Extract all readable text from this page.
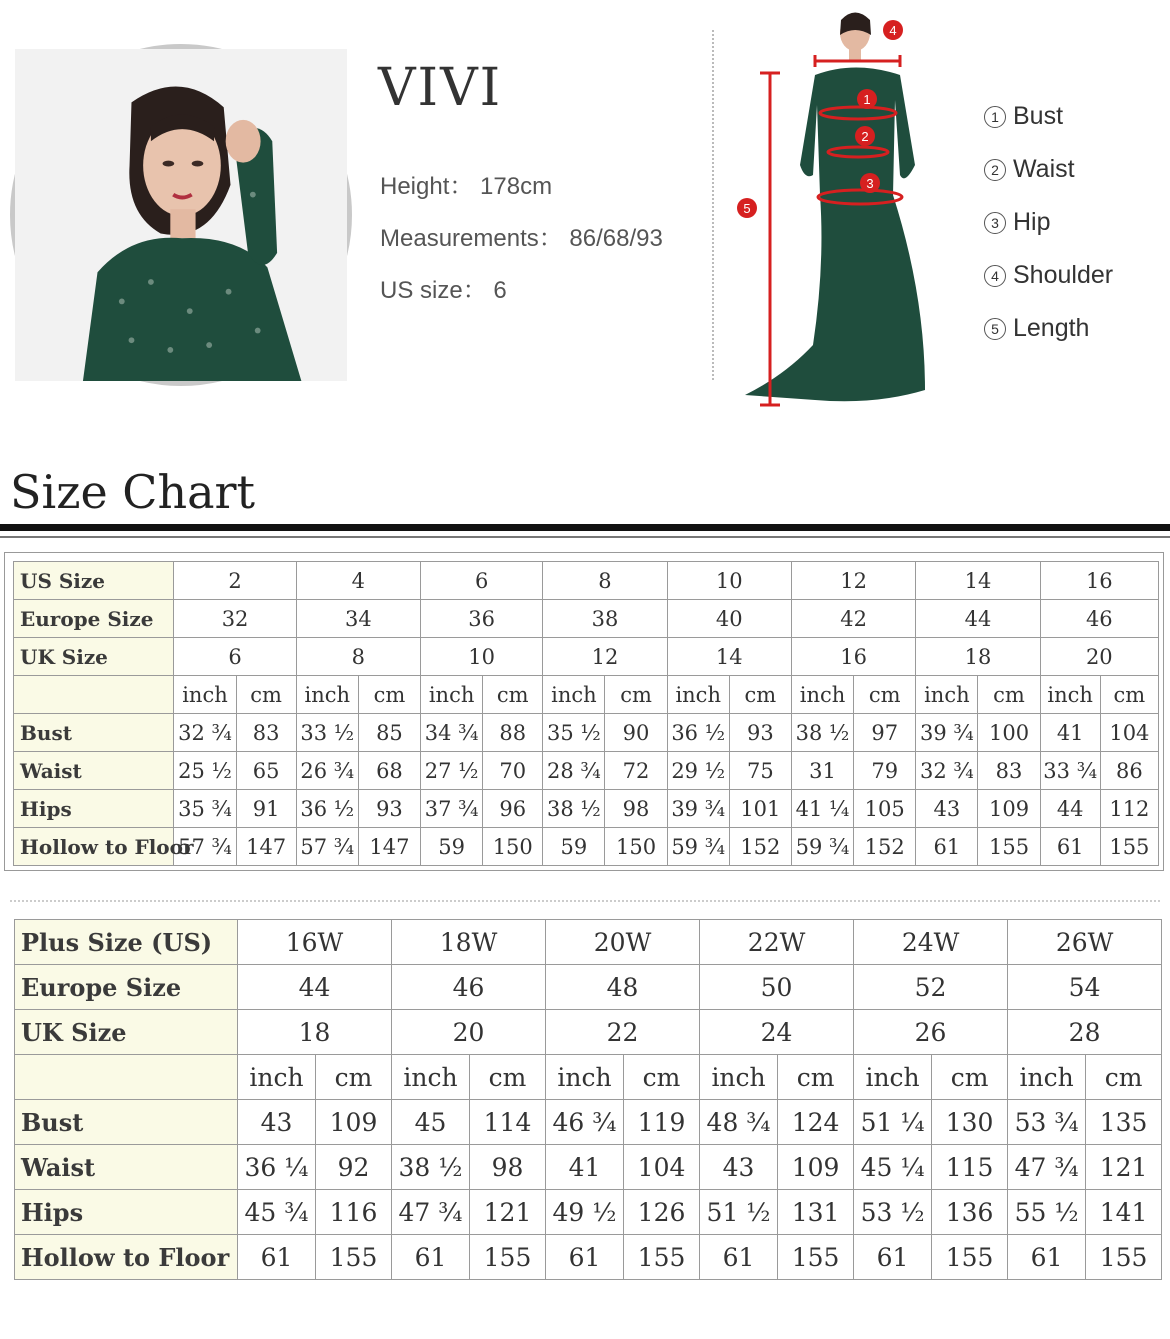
VIVI
Height： 178cm
Measurements： 86/68/93
US size： 6
4
1
2
3
5
1 Bust
2 Waist
3 Hip
4 Shoulder
5 Length
Size Chart
US Size	2		4		6		8		10		12		14		16	
Europe Size	32		34		36		38		40		42		44		46	
UK Size	6		8		10		12		14		16		18		20	
	inch	cm	inch	cm	inch	cm	inch	cm	inch	cm	inch	cm	inch	cm	inch	cm
Bust	32 ¾	83	33 ½	85	34 ¾	88	35 ½	90	36 ½	93	38 ½	97	39 ¾	100	41	104
Waist	25 ½	65	26 ¾	68	27 ½	70	28 ¾	72	29 ½	75	31	79	32 ¾	83	33 ¾	86
Hips	35 ¾	91	36 ½	93	37 ¾	96	38 ½	98	39 ¾	101	41 ¼	105	43	109	44	112
Hollow to Floor	57 ¾	147	57 ¾	147	59	150	59	150	59 ¾	152	59 ¾	152	61	155	61	155
Plus Size (US)	16W		18W		20W		22W		24W		26W	
Europe Size	44		46		48		50		52		54	
UK Size	18		20		22		24		26		28	
	inch	cm	inch	cm	inch	cm	inch	cm	inch	cm	inch	cm
Bust	43	109	45	114	46 ¾	119	48 ¾	124	51 ¼	130	53 ¾	135
Waist	36 ¼	92	38 ½	98	41	104	43	109	45 ¼	115	47 ¾	121
Hips	45 ¾	116	47 ¾	121	49 ½	126	51 ½	131	53 ½	136	55 ½	141
Hollow to Floor	61	155	61	155	61	155	61	155	61	155	61	155
